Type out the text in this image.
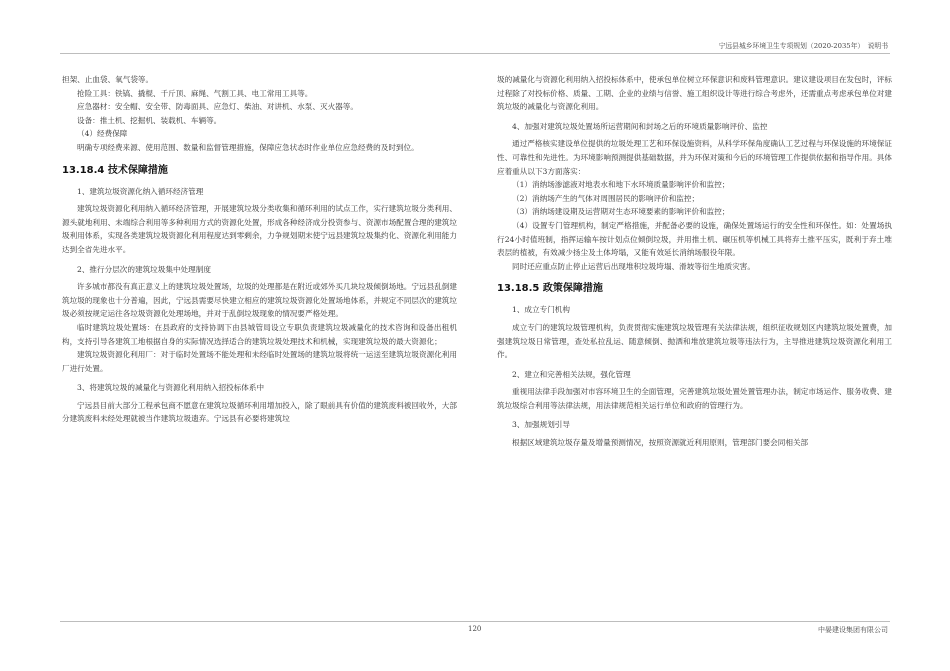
宁远县城乡环境卫生专项规划（2020-2035年）　说明书

担架、止血袋、氧气袋等。

抢险工具：铁镐、撬棍、千斤顶、麻绳、气割工具、电工常用工具等。

应急器材：安全帽、安全带、防毒面具、应急灯、柴油、对讲机、水泵、灭火器等。

设备：推土机、挖掘机、装载机、车辆等。

（4）经费保障

明确专项经费来源、使用范围、数量和监督管理措施，保障应急状态时作业单位应急经费的及时到位。

13.18.4 技术保障措施

1、建筑垃圾资源化纳入循环经济管理

建筑垃圾资源化利用纳入循环经济管理，开展建筑垃圾分类收集和循环利用的试点工作，实行建筑垃圾分类利用、源头就地利用、未端综合利用等多种利用方式的资源化处置，形成各种经济成分投资参与、资源市场配置合理的建筑垃圾利用体系，实现各类建筑垃圾资源化利用程度达到零剩余，力争规划期末使宁远县建筑垃圾集约化、资源化利用能力达到全省先进水平。

2、推行分层次的建筑垃圾集中处理制度

许多城市都没有真正意义上的建筑垃圾处置场，垃圾的处理都是在附近或郊外买几块垃圾倾倒场地。宁远县乱倒建筑垃圾的现象也十分普遍，因此，宁远县需要尽快建立相应的建筑垃圾资源化处置场地体系，并规定不同层次的建筑垃圾必须按规定运往各垃圾资源化处理场地，并对于乱倒垃圾现象的情况要严格处理。

临时建筑垃圾处置场：在县政府的支持协调下由县城管局设立专职负责建筑垃圾减量化的技术咨询和设备出租机构，支持引导各建筑工地根据自身的实际情况选择适合的建筑垃圾处理技术和机械，实现建筑垃圾的最大资源化；

建筑垃圾资源化利用厂：对于临时处置场不能处理和未经临时处置场的建筑垃圾将统一运送至建筑垃圾资源化利用厂进行处置。

3、将建筑垃圾的减量化与资源化利用纳入招投标体系中

宁远县目前大部分工程承包商不愿意在建筑垃圾循环利用增加投入，除了眼前具有价值的建筑废料被回收外，大部分建筑废料未经处理就被当作建筑垃圾遗弃。宁远县有必要将建筑垃

圾的减量化与资源化利用纳入招投标体系中，使承包单位树立环保意识和废料管理意识。建议建设项目在发包时，评标过程除了对投标价格、质量、工期、企业的业绩与信誉、施工组织设计等进行综合考虑外，还需重点考虑承包单位对建筑垃圾的减量化与资源化利用。

4、加强对建筑垃圾处置场所运营期间和封场之后的环境质量影响评价、监控

通过严格核实建设单位提供的垃圾处理工艺和环保设施资料，从科学环保角度确认工艺过程与环保设施的环境保证性、可靠性和先进性。为环境影响预测提供基础数据，并为环保对策和今后的环境管理工作提供依据和指导作用。具体应着重从以下3方面落实：

（1）消纳场渗滤液对地表水和地下水环境质量影响评价和监控；

（2）消纳场产生的气体对周围居民的影响评价和监控；

（3）消纳场建设期及运营期对生态环境要素的影响评价和监控；

（4）设置专门管理机构，制定严格措施，并配备必要的设施，确保处置场运行的安全性和环保性。如：处置场执行24小时值班制，指挥运输车按计划点位倾倒垃圾，并用推土机、碾压机等机械工具将弃土推平压实，既利于弃土堆表层的植被，有效减少扬尘及土体垮塌，又能有效延长消纳场服役年限。

同时还应重点防止停止运营后出现堆积垃圾垮塌、滑坡等衍生地质灾害。

13.18.5 政策保障措施

1、成立专门机构

成立专门的建筑垃圾管理机构，负责贯彻实施建筑垃圾管理有关法律法规，组织征收规划区内建筑垃圾处置费，加强建筑垃圾日常管理，查处私拉乱运、随意倾倒、抛洒和堆放建筑垃圾等违法行为，主导推进建筑垃圾资源化利用工作。

2、建立和完善相关法规，强化管理

重视用法律手段加强对市容环境卫生的全面管理，完善建筑垃圾处置处置管理办法，制定市场运作、服务收费、建筑垃圾综合利用等法律法规，用法律规范相关运行单位和政府的管理行为。

3、加强规划引导

根据区域建筑垃圾存量及增量预测情况，按照资源就近利用原则，管理部门要会同相关部

120	中晏建设集团有限公司
